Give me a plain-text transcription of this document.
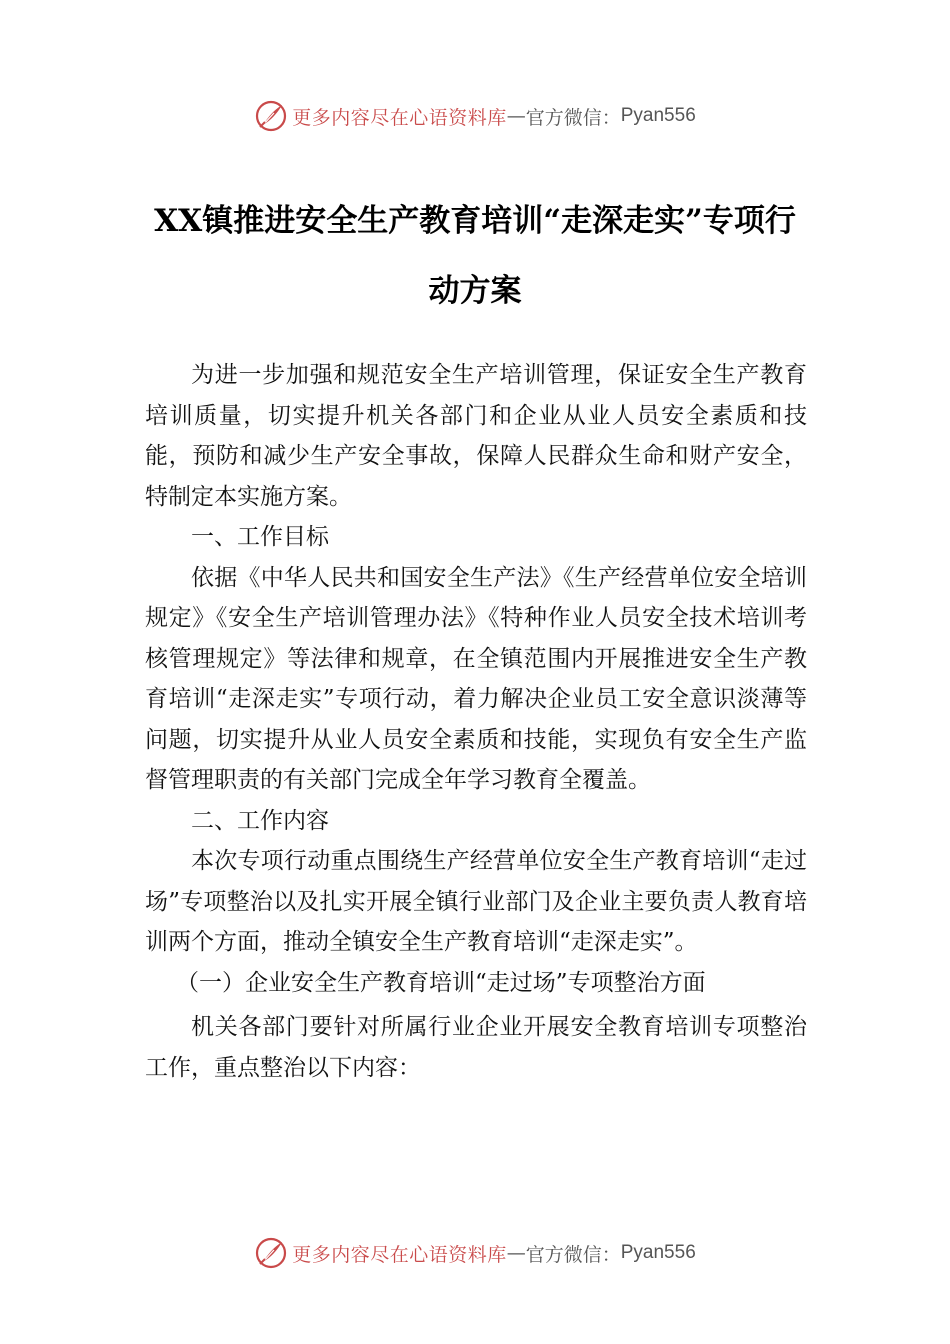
更多内容尽在心语资料库 — 官方微信： Pyan556
XX镇推进安全生产教育培训“走深走实”专项行动方案

为进一步加强和规范安全生产培训管理，保证安全生产教育培训质量，切实提升机关各部门和企业从业人员安全素质和技能，预防和减少生产安全事故，保障人民群众生命和财产安全，特制定本实施方案。

一、工作目标

依据《中华人民共和国安全生产法》《生产经营单位安全培训规定》《安全生产培训管理办法》《特种作业人员安全技术培训考核管理规定》等法律和规章，在全镇范围内开展推进安全生产教育培训“走深走实”专项行动，着力解决企业员工安全意识淡薄等问题，切实提升从业人员安全素质和技能，实现负有安全生产监督管理职责的有关部门完成全年学习教育全覆盖。

二、工作内容

本次专项行动重点围绕生产经营单位安全生产教育培训“走过场”专项整治以及扎实开展全镇行业部门及企业主要负责人教育培训两个方面，推动全镇安全生产教育培训“走深走实”。

（一）企业安全生产教育培训“走过场”专项整治方面

机关各部门要针对所属行业企业开展安全教育培训专项整治工作，重点整治以下内容：

更多内容尽在心语资料库 — 官方微信： Pyan556
